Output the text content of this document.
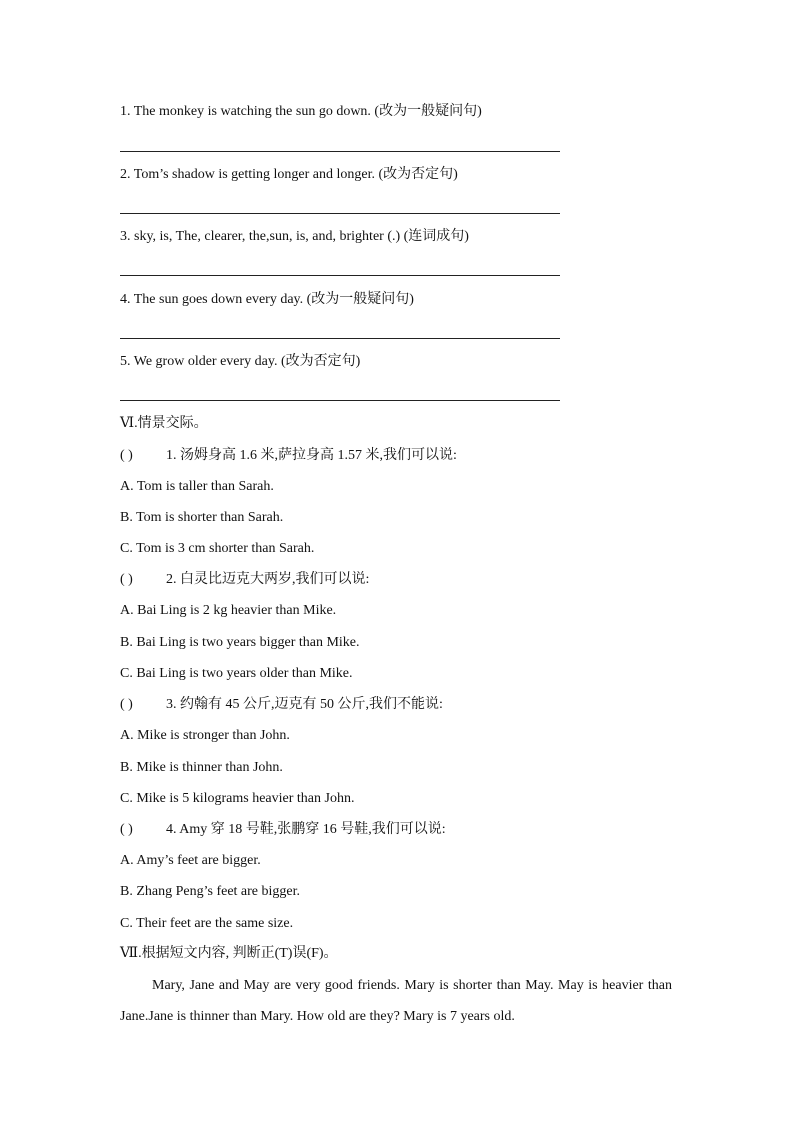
1. The monkey is watching the sun go down. (改为一般疑问句)
2. Tom’s shadow is getting longer and longer. (改为否定句)
3. sky, is, The, clearer, the,sun, is, and, brighter (.) (连词成句)
4. The sun goes down every day. (改为一般疑问句)
5. We grow older every day. (改为否定句)
Ⅵ.情景交际。
( ) 1. 汤姆身高 1.6 米,萨拉身高 1.57 米,我们可以说:
A. Tom is taller than Sarah.
B. Tom is shorter than Sarah.
C. Tom is 3 cm shorter than Sarah.
( ) 2. 白灵比迈克大两岁,我们可以说:
A. Bai Ling is 2 kg heavier than Mike.
B. Bai Ling is two years bigger than Mike.
C. Bai Ling is two years older than Mike.
( ) 3. 约翰有 45 公斤,迈克有 50 公斤,我们不能说:
A. Mike is stronger than John.
B. Mike is thinner than John.
C. Mike is 5 kilograms heavier than John.
( ) 4. Amy 穿 18 号鞋,张鹏穿 16 号鞋,我们可以说:
A. Amy’s feet are bigger.
B. Zhang Peng’s feet are bigger.
C. Their feet are the same size.
Ⅶ.根据短文内容, 判断正(T)误(F)。
Mary, Jane and May are very good friends. Mary is shorter than May. May is heavier than Jane.Jane is thinner than Mary. How old are they? Mary is 7 years old.
